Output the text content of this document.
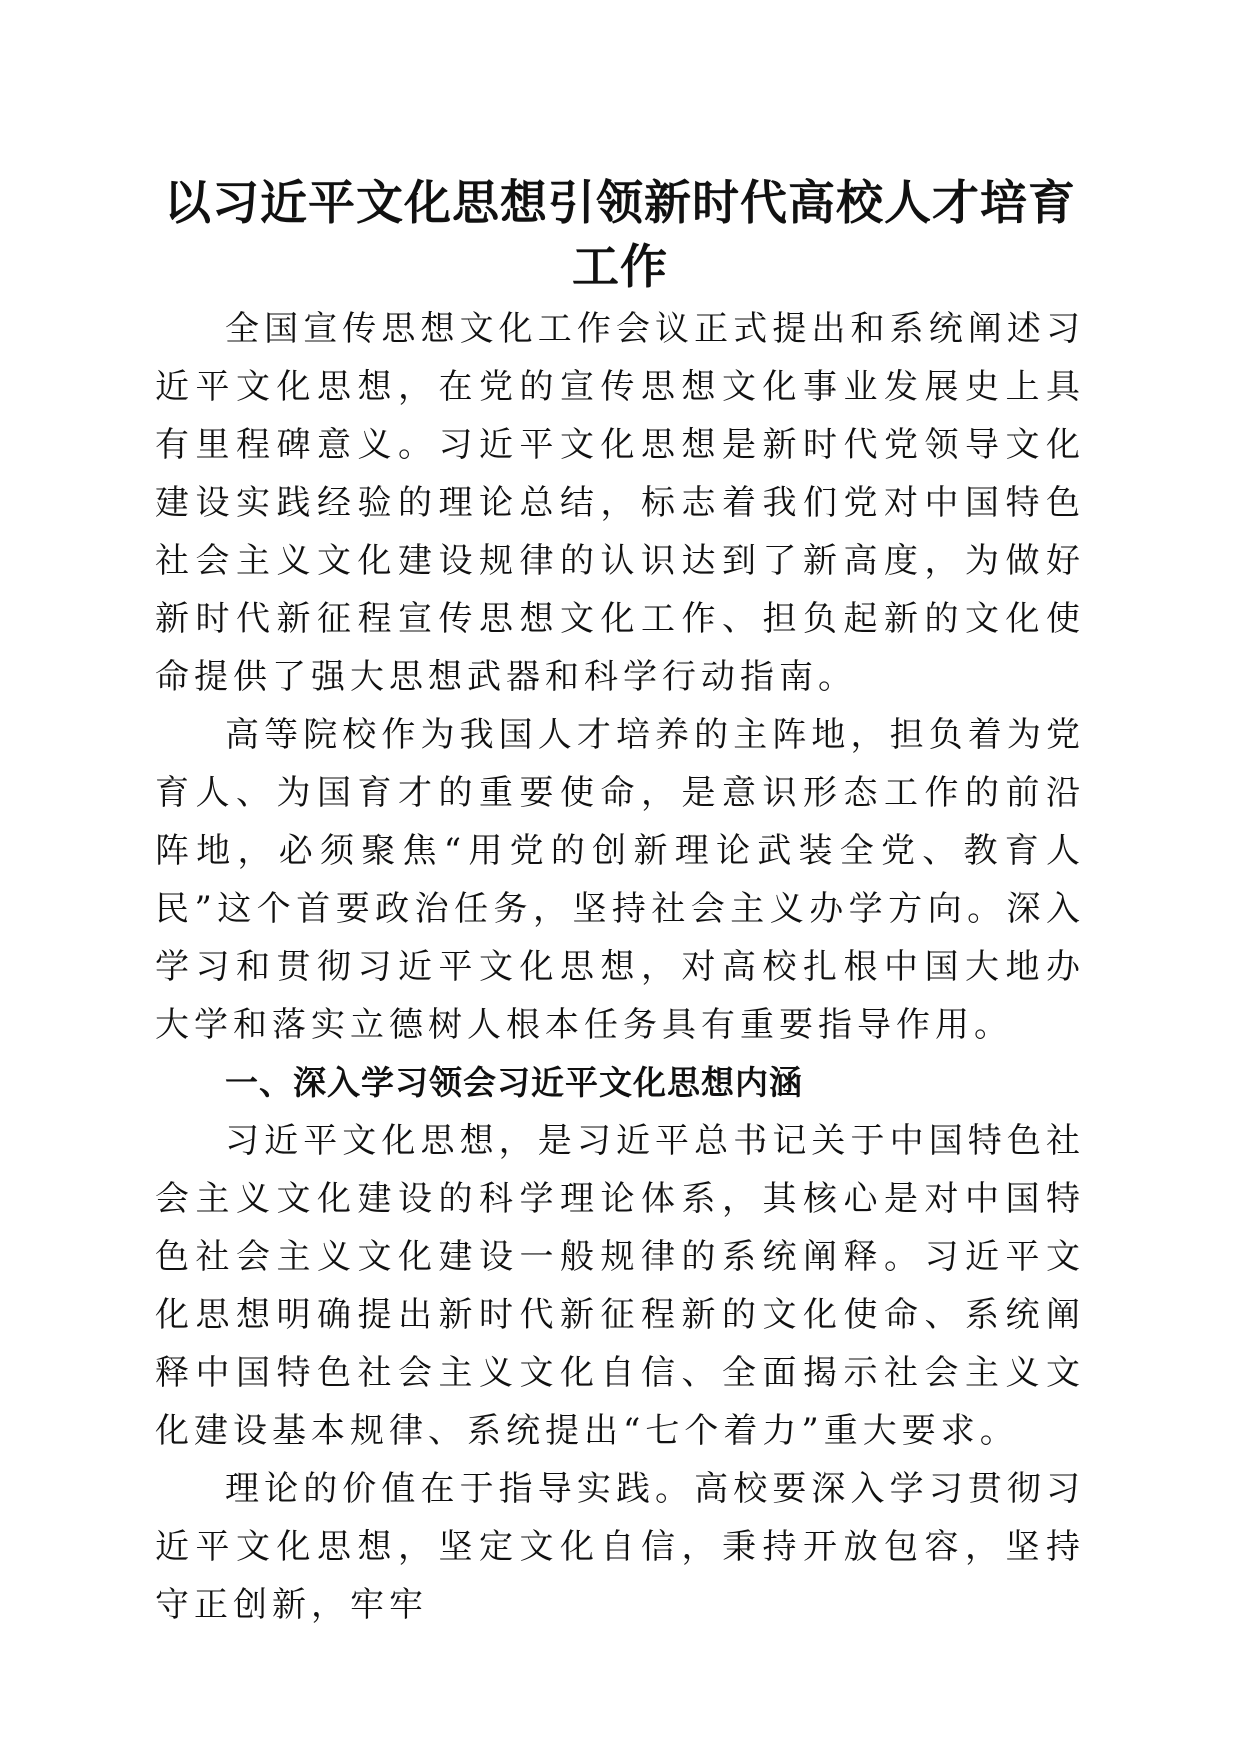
以习近平文化思想引领新时代高校人才培育工作

全国宣传思想文化工作会议正式提出和系统阐述习近平文化思想，在党的宣传思想文化事业发展史上具有里程碑意义。习近平文化思想是新时代党领导文化建设实践经验的理论总结，标志着我们党对中国特色社会主义文化建设规律的认识达到了新高度，为做好新时代新征程宣传思想文化工作、担负起新的文化使命提供了强大思想武器和科学行动指南。

高等院校作为我国人才培养的主阵地，担负着为党育人、为国育才的重要使命，是意识形态工作的前沿阵地，必须聚焦“用党的创新理论武装全党、教育人民”这个首要政治任务，坚持社会主义办学方向。深入学习和贯彻习近平文化思想，对高校扎根中国大地办大学和落实立德树人根本任务具有重要指导作用。

一、深入学习领会习近平文化思想内涵

习近平文化思想，是习近平总书记关于中国特色社会主义文化建设的科学理论体系，其核心是对中国特色社会主义文化建设一般规律的系统阐释。习近平文化思想明确提出新时代新征程新的文化使命、系统阐释中国特色社会主义文化自信、全面揭示社会主义文化建设基本规律、系统提出“七个着力”重大要求。

理论的价值在于指导实践。高校要深入学习贯彻习近平文化思想，坚定文化自信，秉持开放包容，坚持守正创新，牢牢
